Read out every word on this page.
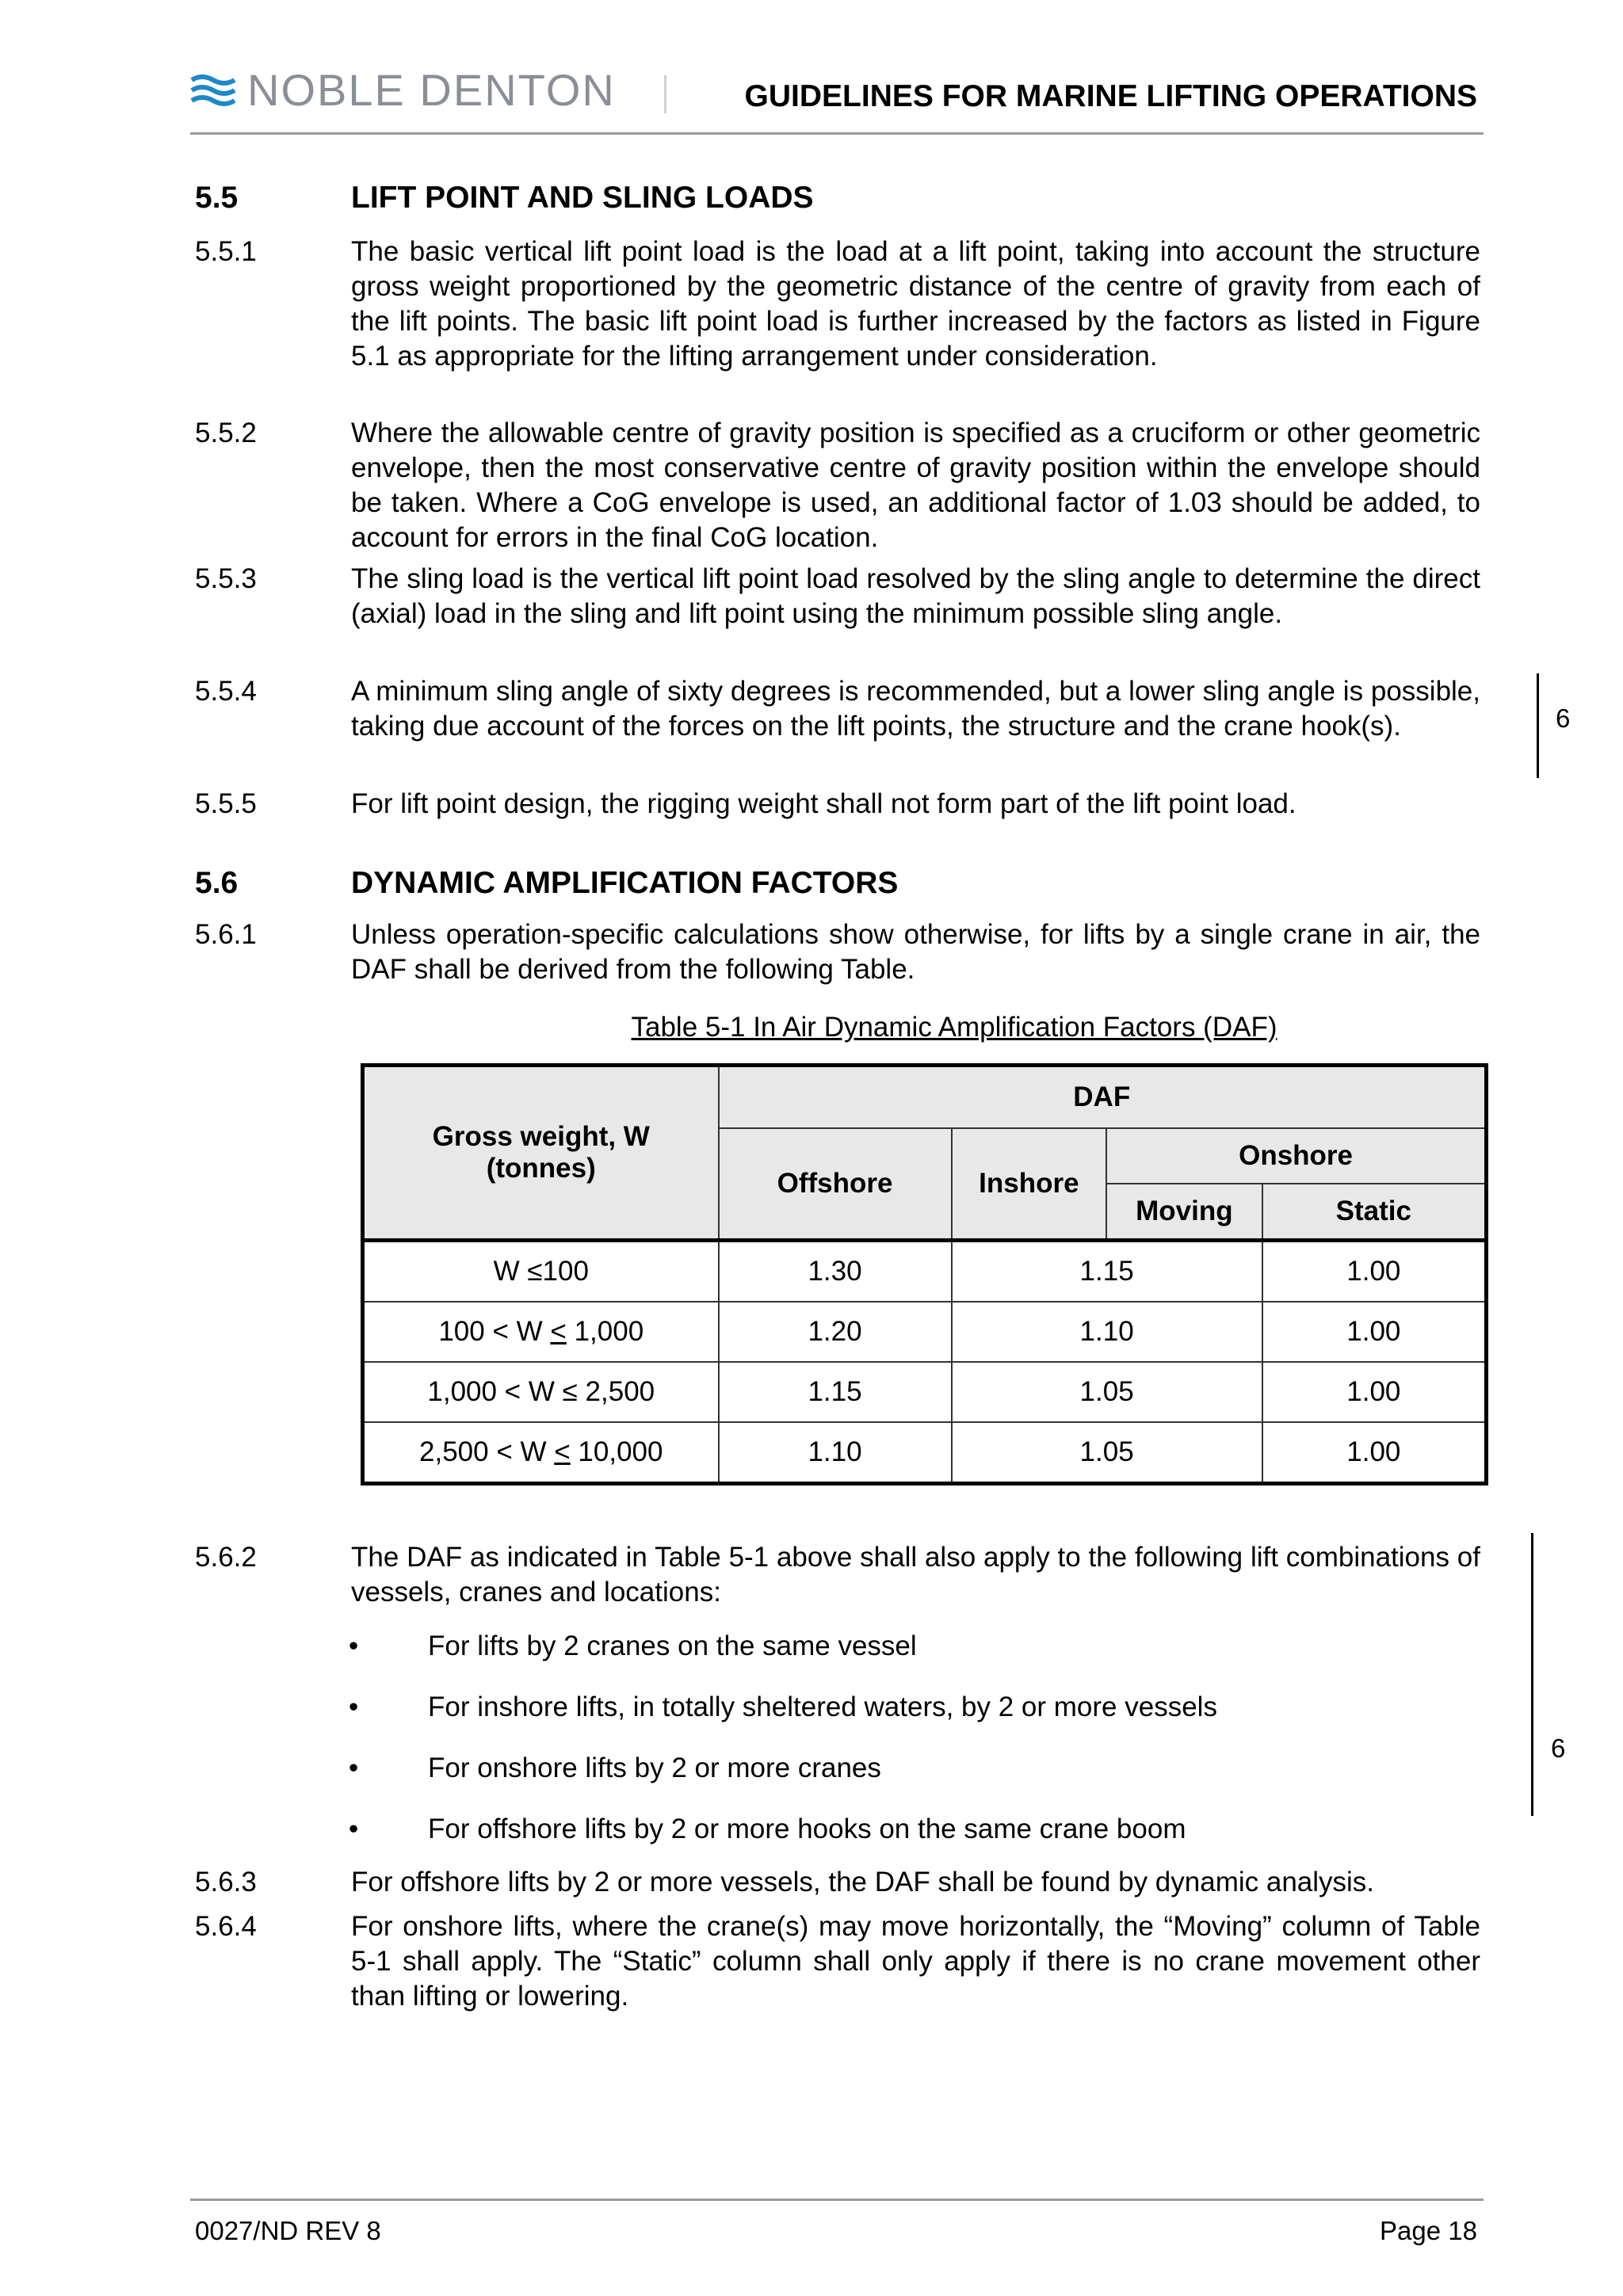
NOBLE DENTON	GUIDELINES FOR MARINE LIFTING OPERATIONS
5.5	LIFT POINT AND SLING LOADS
5.5.1	The basic vertical lift point load is the load at a lift point, taking into account the structure gross weight proportioned by the geometric distance of the centre of gravity from each of the lift points. The basic lift point load is further increased by the factors as listed in Figure 5.1 as appropriate for the lifting arrangement under consideration.
5.5.2	Where the allowable centre of gravity position is specified as a cruciform or other geometric envelope, then the most conservative centre of gravity position within the envelope should be taken. Where a CoG envelope is used, an additional factor of 1.03 should be added, to account for errors in the final CoG location.
5.5.3	The sling load is the vertical lift point load resolved by the sling angle to determine the direct (axial) load in the sling and lift point using the minimum possible sling angle.
5.5.4	A minimum sling angle of sixty degrees is recommended, but a lower sling angle is possible, taking due account of the forces on the lift points, the structure and the crane hook(s).
5.5.5	For lift point design, the rigging weight shall not form part of the lift point load.
6
5.6	DYNAMIC AMPLIFICATION FACTORS
5.6.1	Unless operation-specific calculations show otherwise, for lifts by a single crane in air, the DAF shall be derived from the following Table.
Table 5-1 In Air Dynamic Amplification Factors (DAF)
Gross weight, W
(tonnes)	DAF			
	Offshore	Inshore	Onshore	
			Moving	Static
W ≤100	1.30	1.15		1.00
100 < W < 1,000	1.20	1.10		1.00
1,000 < W ≤ 2,500	1.15	1.05		1.00
2,500 < W < 10,000	1.10	1.05		1.00
5.6.2	The DAF as indicated in Table 5-1 above shall also apply to the following lift combinations of vessels, cranes and locations:
•	For lifts by 2 cranes on the same vessel
•	For inshore lifts, in totally sheltered waters, by 2 or more vessels
•	For onshore lifts by 2 or more cranes
•	For offshore lifts by 2 or more hooks on the same crane boom
6
5.6.3	For offshore lifts by 2 or more vessels, the DAF shall be found by dynamic analysis.
5.6.4	For onshore lifts, where the crane(s) may move horizontally, the “Moving” column of Table 5-1 shall apply. The “Static” column shall only apply if there is no crane movement other than lifting or lowering.
0027/ND REV 8	Page 18
